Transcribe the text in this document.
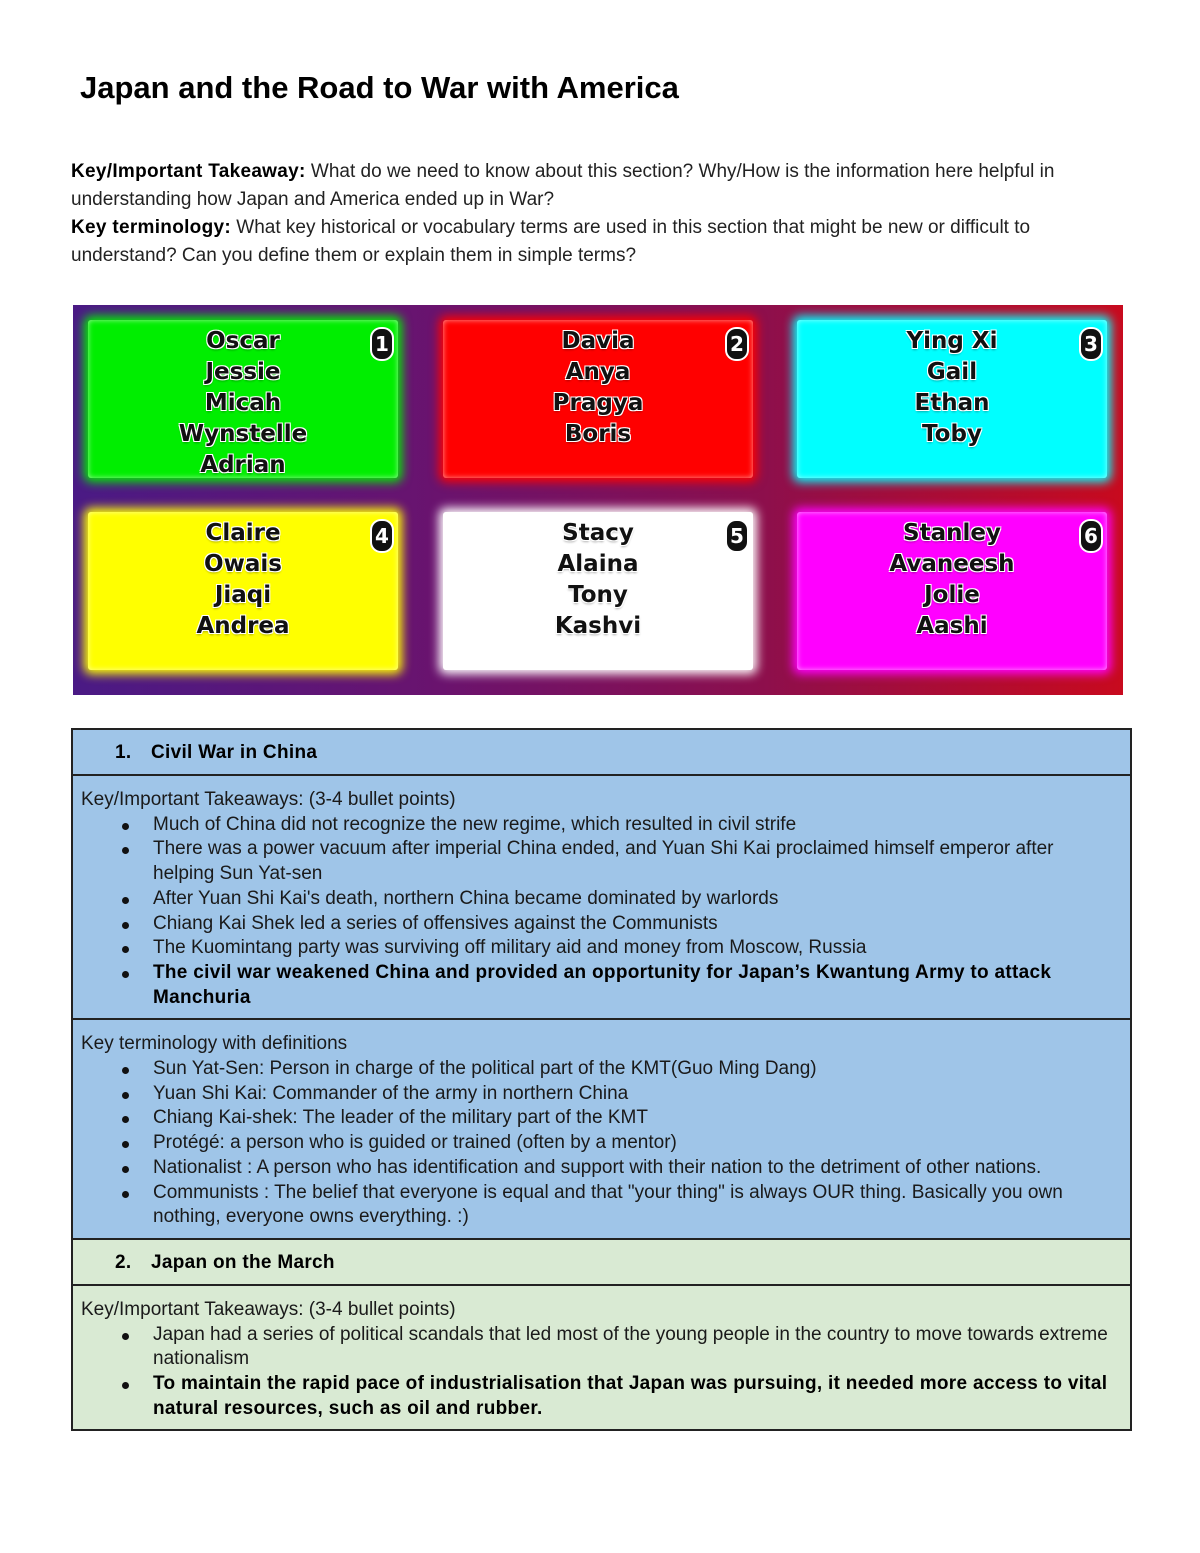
Japan and the Road to War with America
Key/Important Takeaway: What do we need to know about this section? Why/How is the information here helpful in understanding how Japan and America ended up in War?
Key terminology: What key historical or vocabulary terms are used in this section that might be new or difficult to understand? Can you define them or explain them in simple terms?
Oscar
Jessie
Micah
Wynstelle
Adrian
1	Davia
Anya
Pragya
Boris
2	Ying Xi
Gail
Ethan
Toby
3
Claire
Owais
Jiaqi
Andrea
4	Stacy
Alaina
Tony
Kashvi
5	Stanley
Avaneesh
Jolie
Aashi
6
1. Civil War in China
Key/Important Takeaways: (3-4 bullet points)
Much of China did not recognize the new regime, which resulted in civil strife
There was a power vacuum after imperial China ended, and Yuan Shi Kai proclaimed himself emperor after helping Sun Yat-sen
After Yuan Shi Kai's death, northern China became dominated by warlords
Chiang Kai Shek led a series of offensives against the Communists
The Kuomintang party was surviving off military aid and money from Moscow, Russia
The civil war weakened China and provided an opportunity for Japan’s Kwantung Army to attack Manchuria
Key terminology with definitions
Sun Yat-Sen: Person in charge of the political part of the KMT(Guo Ming Dang)
Yuan Shi Kai: Commander of the army in northern China
Chiang Kai-shek: The leader of the military part of the KMT
Protégé: a person who is guided or trained (often by a mentor)
Nationalist : A person who has identification and support with their nation to the detriment of other nations.
Communists : The belief that everyone is equal and that "your thing" is always OUR thing. Basically you own nothing, everyone owns everything. :)
2. Japan on the March
Key/Important Takeaways: (3-4 bullet points)
Japan had a series of political scandals that led most of the young people in the country to move towards extreme nationalism
To maintain the rapid pace of industrialisation that Japan was pursuing, it needed more access to vital natural resources, such as oil and rubber.
